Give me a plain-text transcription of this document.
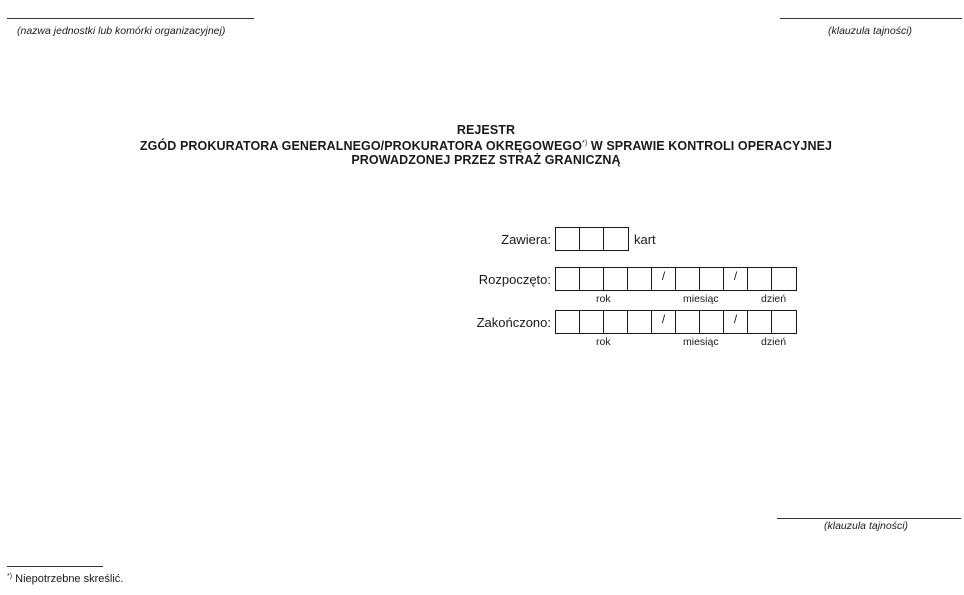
(nazwa jednostki lub komórki organizacyjnej)	(klauzula tajności)
REJESTR
ZGÓD PROKURATORA GENERALNEGO/PROKURATORA OKRĘGOWEGO*) W SPRAWIE KONTROLI OPERACYJNEJ
PROWADZONEJ PRZEZ STRAŻ GRANICZNĄ
Zawiera:	kart
Rozpoczęto:	/	/
rok	miesiąc	dzień
Zakończono:	/	/
rok	miesiąc	dzień
(klauzula tajności)
*) Niepotrzebne skreślić.
